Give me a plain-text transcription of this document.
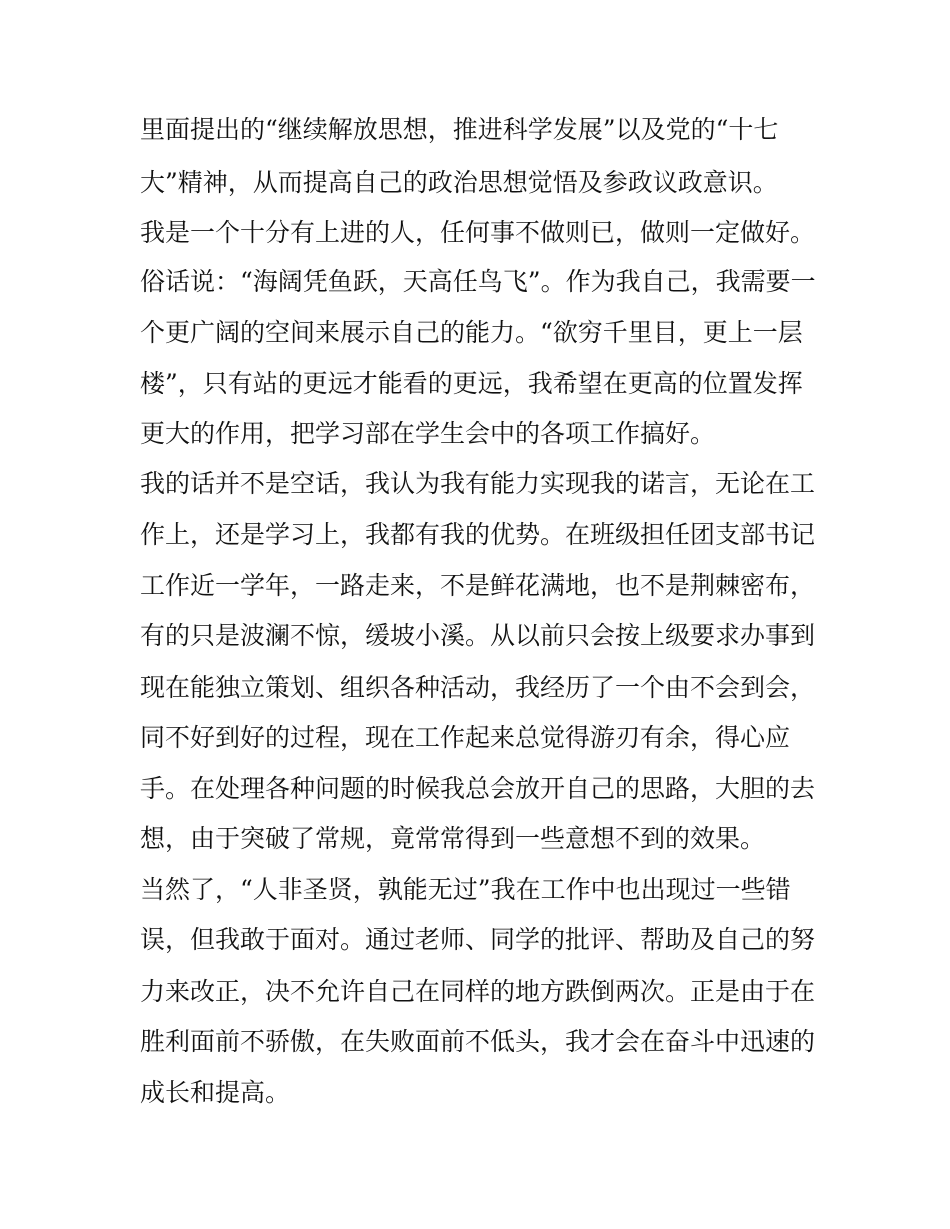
里面提出的“继续解放思想，推进科学发展”以及党的“十七
大”精神，从而提高自己的政治思想觉悟及参政议政意识。
我是一个十分有上进的人，任何事不做则已，做则一定做好。
俗话说：“海阔凭鱼跃，天高任鸟飞”。作为我自己，我需要一
个更广阔的空间来展示自己的能力。“欲穷千里目，更上一层
楼”，只有站的更远才能看的更远，我希望在更高的位置发挥
更大的作用，把学习部在学生会中的各项工作搞好。
我的话并不是空话，我认为我有能力实现我的诺言，无论在工
作上，还是学习上，我都有我的优势。在班级担任团支部书记
工作近一学年，一路走来，不是鲜花满地，也不是荆棘密布，
有的只是波澜不惊，缓坡小溪。从以前只会按上级要求办事到
现在能独立策划、组织各种活动，我经历了一个由不会到会，
同不好到好的过程，现在工作起来总觉得游刃有余，得心应
手。在处理各种问题的时候我总会放开自己的思路，大胆的去
想，由于突破了常规，竟常常得到一些意想不到的效果。
当然了，“人非圣贤，孰能无过”我在工作中也出现过一些错
误，但我敢于面对。通过老师、同学的批评、帮助及自己的努
力来改正，决不允许自己在同样的地方跌倒两次。正是由于在
胜利面前不骄傲，在失败面前不低头，我才会在奋斗中迅速的
成长和提高。
